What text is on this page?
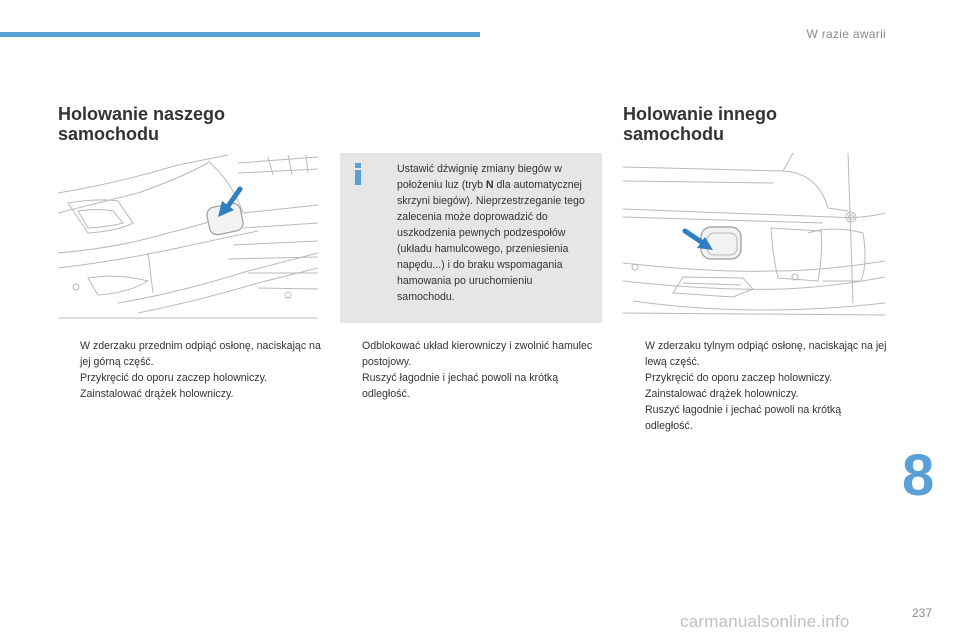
W razie awarii
Holowanie naszego
samochodu
W zderzaku przednim odpiąć osłonę, naciskając na jej górną część.
Przykręcić do oporu zaczep holowniczy.
Zainstalować drążek holowniczy.
Ustawić dźwignię zmiany biegów w położeniu luz (tryb N dla automatycznej skrzyni biegów). Nieprzestrzeganie tego zalecenia może doprowadzić do uszkodzenia pewnych podzespołów (układu hamulcowego, przeniesienia napędu...) i do braku wspomagania hamowania po uruchomieniu samochodu.
Odblokować układ kierowniczy i zwolnić hamulec postojowy.
Ruszyć łagodnie i jechać powoli na krótką odległość.
Holowanie innego
samochodu
W zderzaku tylnym odpiąć osłonę, naciskając na jej lewą część.
Przykręcić do oporu zaczep holowniczy.
Zainstalować drążek holowniczy.
Ruszyć łagodnie i jechać powoli na krótką odległość.
8
237
carmanualsonline.info
